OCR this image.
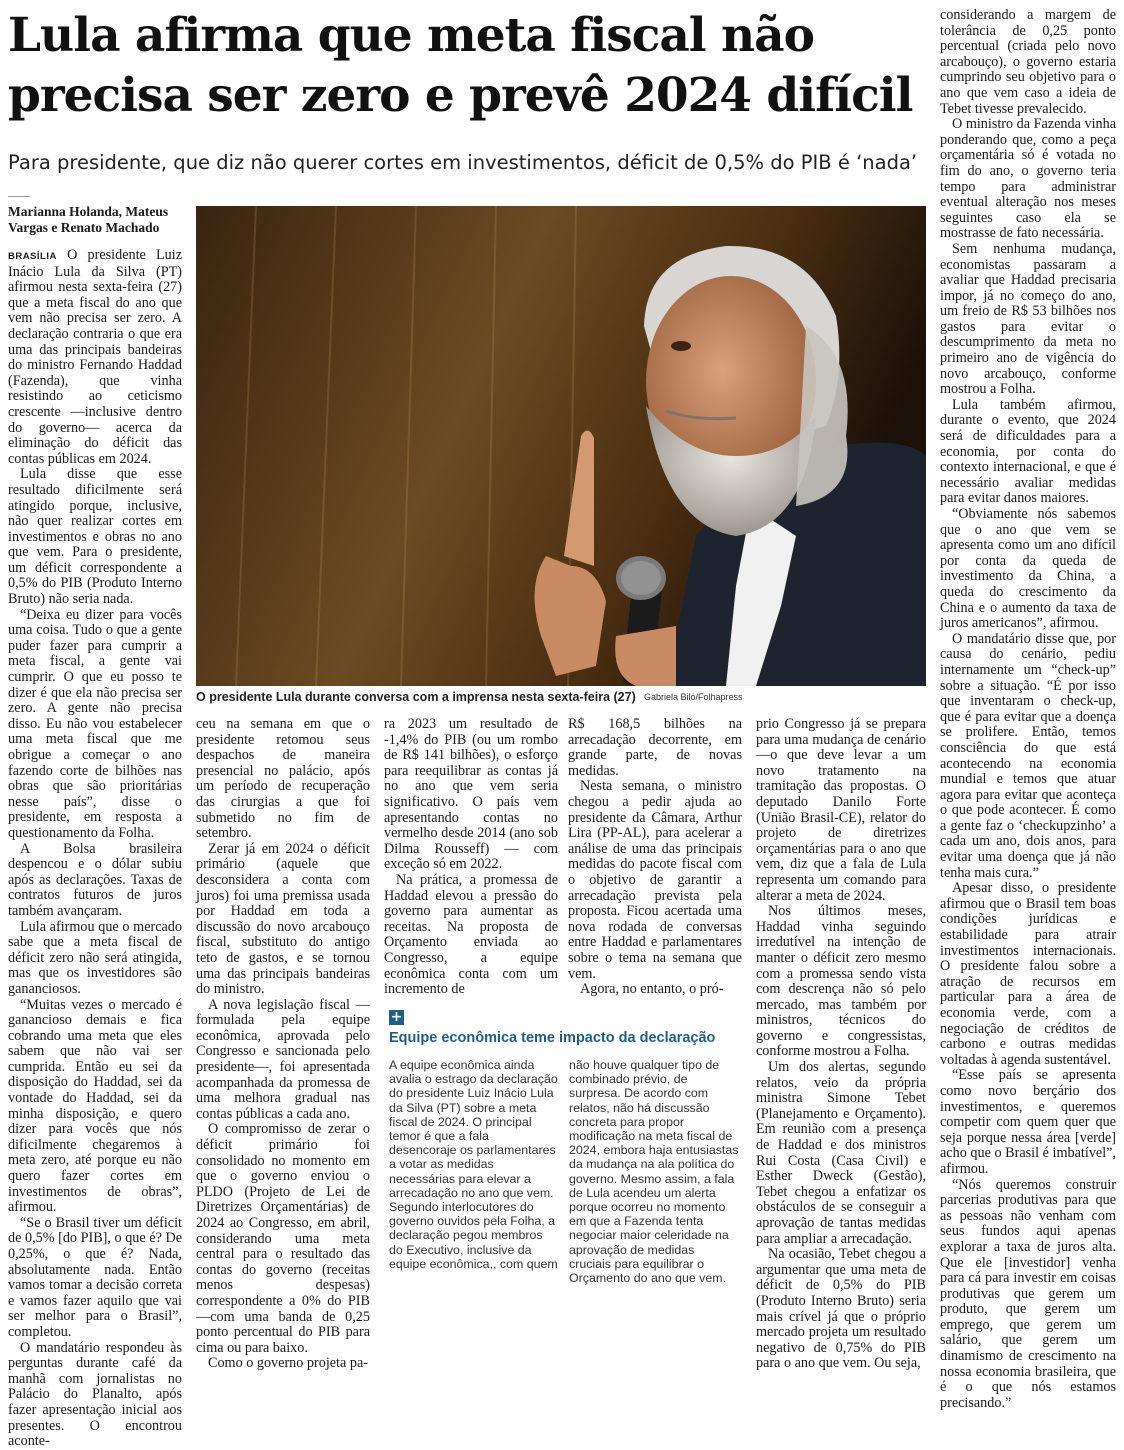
Lula afirma que meta fiscal não precisa ser zero e prevê 2024 difícil

Para presidente, que diz não querer cortes em investimentos, déficit de 0,5% do PIB é ‘nada’

Marianna Holanda, Mateus Vargas e Renato Machado

BRASÍLIA O presidente Luiz Inácio Lula da Silva (PT) afirmou nesta sexta-feira (27) que a meta fiscal do ano que vem não precisa ser zero. A declaração contraria o que era uma das principais bandeiras do ministro Fernando Haddad (Fazenda), que vinha resistindo ao ceticismo crescente —inclusive dentro do governo— acerca da eliminação do déficit das contas públicas em 2024.

Lula disse que esse resultado dificilmente será atingido porque, inclusive, não quer realizar cortes em investimentos e obras no ano que vem. Para o presidente, um déficit correspondente a 0,5% do PIB (Produto Interno Bruto) não seria nada.

“Deixa eu dizer para vocês uma coisa. Tudo o que a gente puder fazer para cumprir a meta fiscal, a gente vai cumprir. O que eu posso te dizer é que ela não precisa ser zero. A gente não precisa disso. Eu não vou estabelecer uma meta fiscal que me obrigue a começar o ano fazendo corte de bilhões nas obras que são prioritárias nesse país”, disse o presidente, em resposta a questionamento da Folha.

A Bolsa brasileira despencou e o dólar subiu após as declarações. Taxas de contratos futuros de juros também avançaram.

Lula afirmou que o mercado sabe que a meta fiscal de déficit zero não será atingida, mas que os investidores são gananciosos.

“Muitas vezes o mercado é ganancioso demais e fica cobrando uma meta que eles sabem que não vai ser cumprida. Então eu sei da disposição do Haddad, sei da vontade do Haddad, sei da minha disposição, e quero dizer para vocês que nós dificilmente chegaremos à meta zero, até porque eu não quero fazer cortes em investimentos de obras”, afirmou.

“Se o Brasil tiver um déficit de 0,5% [do PIB], o que é? De 0,25%, o que é? Nada, absolutamente nada. Então vamos tomar a decisão correta e vamos fazer aquilo que vai ser melhor para o Brasil”, completou.

O mandatário respondeu às perguntas durante café da manhã com jornalistas no Palácio do Planalto, após fazer apresentação inicial aos presentes. O encontrou aconte-

ceu na semana em que o presidente retomou seus despachos de maneira presencial no palácio, após um período de recuperação das cirurgias a que foi submetido no fim de setembro.

Zerar já em 2024 o déficit primário (aquele que desconsidera a conta com juros) foi uma premissa usada por Haddad em toda a discussão do novo arcabouço fiscal, substituto do antigo teto de gastos, e se tornou uma das principais bandeiras do ministro.

A nova legislação fiscal —formulada pela equipe econômica, aprovada pelo Congresso e sancionada pelo presidente—, foi apresentada acompanhada da promessa de uma melhora gradual nas contas públicas a cada ano.

O compromisso de zerar o déficit primário foi consolidado no momento em que o governo enviou o PLDO (Projeto de Lei de Diretrizes Orçamentárias) de 2024 ao Congresso, em abril, considerando uma meta central para o resultado das contas do governo (receitas menos despesas) correspondente a 0% do PIB —com uma banda de 0,25 ponto percentual do PIB para cima ou para baixo.

Como o governo projeta pa-

ra 2023 um resultado de -1,4% do PIB (ou um rombo de R$ 141 bilhões), o esforço para reequilibrar as contas já no ano que vem seria significativo. O país vem apresentando contas no vermelho desde 2014 (ano sob Dilma Rousseff) — com exceção só em 2022.

Na prática, a promessa de Haddad elevou a pressão do governo para aumentar as receitas. Na proposta de Orçamento enviada ao Congresso, a equipe econômica conta com um incremento de

R$ 168,5 bilhões na arrecadação decorrente, em grande parte, de novas medidas.

Nesta semana, o ministro chegou a pedir ajuda ao presidente da Câmara, Arthur Lira (PP-AL), para acelerar a análise de uma das principais medidas do pacote fiscal com o objetivo de garantir a arrecadação prevista pela proposta. Ficou acertada uma nova rodada de conversas entre Haddad e parlamentares sobre o tema na semana que vem.

Agora, no entanto, o pró-

prio Congresso já se prepara para uma mudança de cenário —o que deve levar a um novo tratamento na tramitação das propostas. O deputado Danilo Forte (União Brasil-CE), relator do projeto de diretrizes orçamentárias para o ano que vem, diz que a fala de Lula representa um comando para alterar a meta de 2024.

Nos últimos meses, Haddad vinha seguindo irredutível na intenção de manter o déficit zero mesmo com a promessa sendo vista com descrença não só pelo mercado, mas também por ministros, técnicos do governo e congressistas, conforme mostrou a Folha.

Um dos alertas, segundo relatos, veio da própria ministra Simone Tebet (Planejamento e Orçamento). Em reunião com a presença de Haddad e dos ministros Rui Costa (Casa Civil) e Esther Dweck (Gestão), Tebet chegou a enfatizar os obstáculos de se conseguir a aprovação de tantas medidas para ampliar a arrecadação.

Na ocasião, Tebet chegou a argumentar que uma meta de déficit de 0,5% do PIB (Produto Interno Bruto) seria mais crível já que o próprio mercado projeta um resultado negativo de 0,75% do PIB para o ano que vem. Ou seja,

considerando a margem de tolerância de 0,25 ponto percentual (criada pelo novo arcabouço), o governo estaria cumprindo seu objetivo para o ano que vem caso a ideia de Tebet tivesse prevalecido.

O ministro da Fazenda vinha ponderando que, como a peça orçamentária só é votada no fim do ano, o governo teria tempo para administrar eventual alteração nos meses seguintes caso ela se mostrasse de fato necessária.

Sem nenhuma mudança, economistas passaram a avaliar que Haddad precisaria impor, já no começo do ano, um freio de R$ 53 bilhões nos gastos para evitar o descumprimento da meta no primeiro ano de vigência do novo arcabouço, conforme mostrou a Folha.

Lula também afirmou, durante o evento, que 2024 será de dificuldades para a economia, por conta do contexto internacional, e que é necessário avaliar medidas para evitar danos maiores.

“Obviamente nós sabemos que o ano que vem se apresenta como um ano difícil por conta da queda de investimento da China, a queda do crescimento da China e o aumento da taxa de juros americanos”, afirmou.

O mandatário disse que, por causa do cenário, pediu internamente um “check-up” sobre a situação. “É por isso que inventaram o check-up, que é para evitar que a doença se prolifere. Então, temos consciência do que está acontecendo na economia mundial e temos que atuar agora para evitar que aconteça o que pode acontecer. É como a gente faz o ‘checkupzinho’ a cada um ano, dois anos, para evitar uma doença que já não tenha mais cura.”

Apesar disso, o presidente afirmou que o Brasil tem boas condições jurídicas e estabilidade para atrair investimentos internacionais. O presidente falou sobre a atração de recursos em particular para a área de economia verde, com a negociação de créditos de carbono e outras medidas voltadas à agenda sustentável.

“Esse país se apresenta como novo berçário dos investimentos, e queremos competir com quem quer que seja porque nessa área [verde] acho que o Brasil é imbatível”, afirmou.

“Nós queremos construir parcerias produtivas para que as pessoas não venham com seus fundos aqui apenas explorar a taxa de juros alta. Que ele [investidor] venha para cá para investir em coisas produtivas que gerem um produto, que gerem um emprego, que gerem um salário, que gerem um dinamismo de crescimento na nossa economia brasileira, que é o que nós estamos precisando.”

O presidente Lula durante conversa com a imprensa nesta sexta-feira (27) Gabriela Biló/Folhapress
+
Equipe econômica teme impacto da declaração

A equipe econômica ainda avalia o estrago da declaração do presidente Luiz Inácio Lula da Silva (PT) sobre a meta fiscal de 2024. O principal temor é que a fala desencoraje os parlamentares a votar as medidas necessárias para elevar a arrecadação no ano que vem. Segundo interlocutores do governo ouvidos pela Folha, a declaração pegou membros do Executivo, inclusive da equipe econômica,, com quem

não houve qualquer tipo de combinado prévio, de surpresa. De acordo com relatos, não há discussão concreta para propor modificação na meta fiscal de 2024, embora haja entusiastas da mudança na ala política do governo. Mesmo assim, a fala de Lula acendeu um alerta porque ocorreu no momento em que a Fazenda tenta negociar maior celeridade na aprovação de medidas cruciais para equilibrar o Orçamento do ano que vem.
